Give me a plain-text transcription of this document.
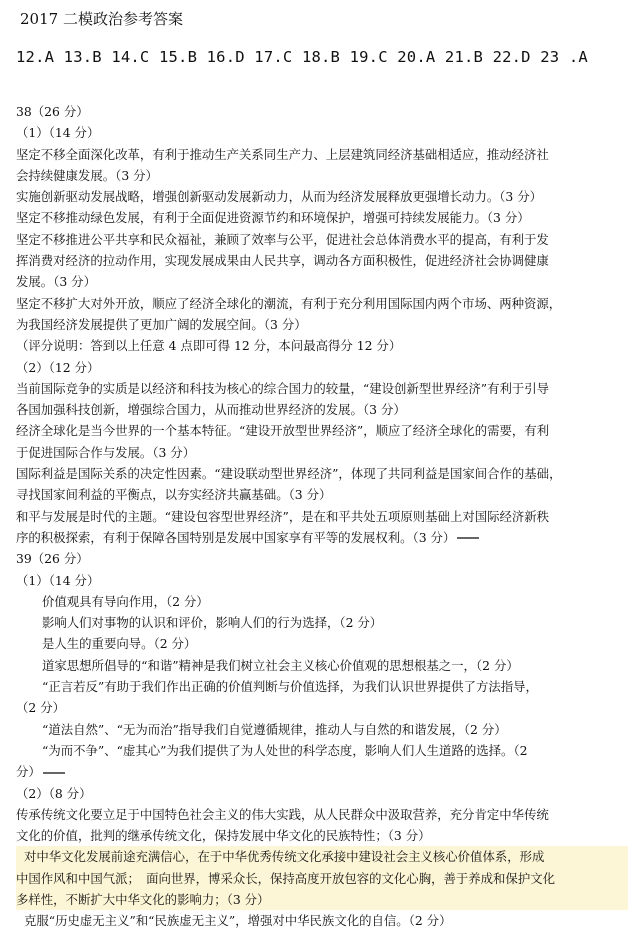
2017 二模政治参考答案
12.A 13.B 14.C 15.B 16.D 17.C 18.B 19.C 20.A 21.B 22.D 23 .A
38（26 分）
（1）（14 分）
坚定不移全面深化改革，有利于推动生产关系同生产力、上层建筑同经济基础相适应，推动经济社
会持续健康发展。（3 分）
实施创新驱动发展战略，增强创新驱动发展新动力，从而为经济发展释放更强增长动力。（3 分）
坚定不移推动绿色发展，有利于全面促进资源节约和环境保护，增强可持续发展能力。（3 分）
坚定不移推进公平共享和民众福祉，兼顾了效率与公平，促进社会总体消费水平的提高，有利于发
挥消费对经济的拉动作用，实现发展成果由人民共享，调动各方面积极性，促进经济社会协调健康
发展。（3 分）
坚定不移扩大对外开放，顺应了经济全球化的潮流，有利于充分利用国际国内两个市场、两种资源，
为我国经济发展提供了更加广阔的发展空间。（3 分）
（评分说明：答到以上任意 4 点即可得 12 分，本问最高得分 12 分）
（2）（12 分）
当前国际竞争的实质是以经济和科技为核心的综合国力的较量，“建设创新型世界经济”有利于引导
各国加强科技创新，增强综合国力，从而推动世界经济的发展。（3 分）
经济全球化是当今世界的一个基本特征。“建设开放型世界经济”，顺应了经济全球化的需要，有利
于促进国际合作与发展。（3 分）
国际利益是国际关系的决定性因素。“建设联动型世界经济”，体现了共同利益是国家间合作的基础，
寻找国家间利益的平衡点，以夯实经济共赢基础。（3 分）
和平与发展是时代的主题。“建设包容型世界经济”，是在和平共处五项原则基础上对国际经济新秩
序的积极探索，有利于保障各国特别是发展中国家享有平等的发展权利。（3 分）
39（26 分）
（1）（14 分）
价值观具有导向作用，（2 分）
影响人们对事物的认识和评价，影响人们的行为选择，（2 分）
是人生的重要向导。（2 分）
道家思想所倡导的“和谐”精神是我们树立社会主义核心价值观的思想根基之一，（2 分）
“正言若反”有助于我们作出正确的价值判断与价值选择，为我们认识世界提供了方法指导，
（2 分）
“道法自然”、“无为而治”指导我们自觉遵循规律，推动人与自然的和谐发展，（2 分）
“为而不争”、“虚其心”为我们提供了为人处世的科学态度，影响人们人生道路的选择。（2
分）
（2）（8 分）
传承传统文化要立足于中国特色社会主义的伟大实践，从人民群众中汲取营养，充分肯定中华传统
文化的价值，批判的继承传统文化，保持发展中华文化的民族特性；（3 分）
对中华文化发展前途充满信心，在于中华优秀传统文化承接中建设社会主义核心价值体系，形成
中国作风和中国气派；　面向世界，博采众长，保持高度开放包容的文化心胸，善于养成和保护文化
多样性，不断扩大中华文化的影响力；（3 分）
克服“历史虚无主义”和“民族虚无主义”，增强对中华民族文化的自信。（2 分）
